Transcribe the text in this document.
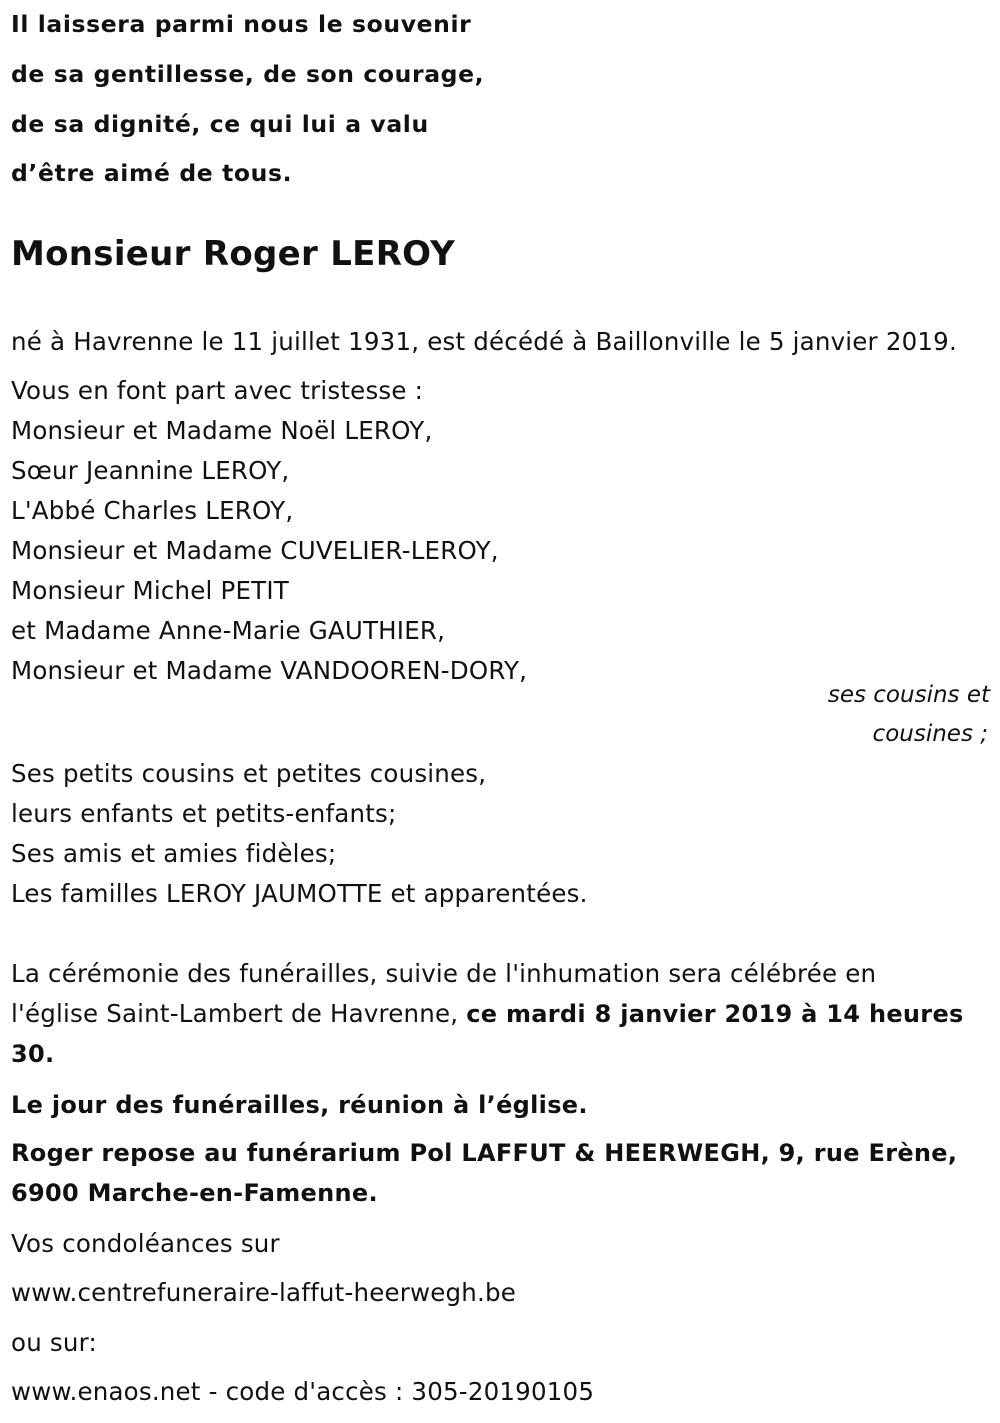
Il laissera parmi nous le souvenir
de sa gentillesse, de son courage,
de sa dignité, ce qui lui a valu
d’être aimé de tous.
Monsieur Roger LEROY
né à Havrenne le 11 juillet 1931, est décédé à Baillonville le 5 janvier 2019.
Vous en font part avec tristesse :
Monsieur et Madame Noël LEROY,
Sœur Jeannine LEROY,
L'Abbé Charles LEROY,
Monsieur et Madame CUVELIER-LEROY,
Monsieur Michel PETIT
et Madame Anne-Marie GAUTHIER,
Monsieur et Madame VANDOOREN-DORY,
ses cousins et
cousines ;
Ses petits cousins et petites cousines,
leurs enfants et petits-enfants;
Ses amis et amies fidèles;
Les familles LEROY JAUMOTTE et apparentées.
La cérémonie des funérailles, suivie de l'inhumation sera célébrée en
l'église Saint-Lambert de Havrenne, ce mardi 8 janvier 2019 à 14 heures
30.
Le jour des funérailles, réunion à l’église.
Roger repose au funérarium Pol LAFFUT & HEERWEGH, 9, rue Erène,
6900 Marche-en-Famenne.
Vos condoléances sur
www.centrefuneraire-laffut-heerwegh.be
ou sur:
www.enaos.net - code d'accès : 305-20190105
